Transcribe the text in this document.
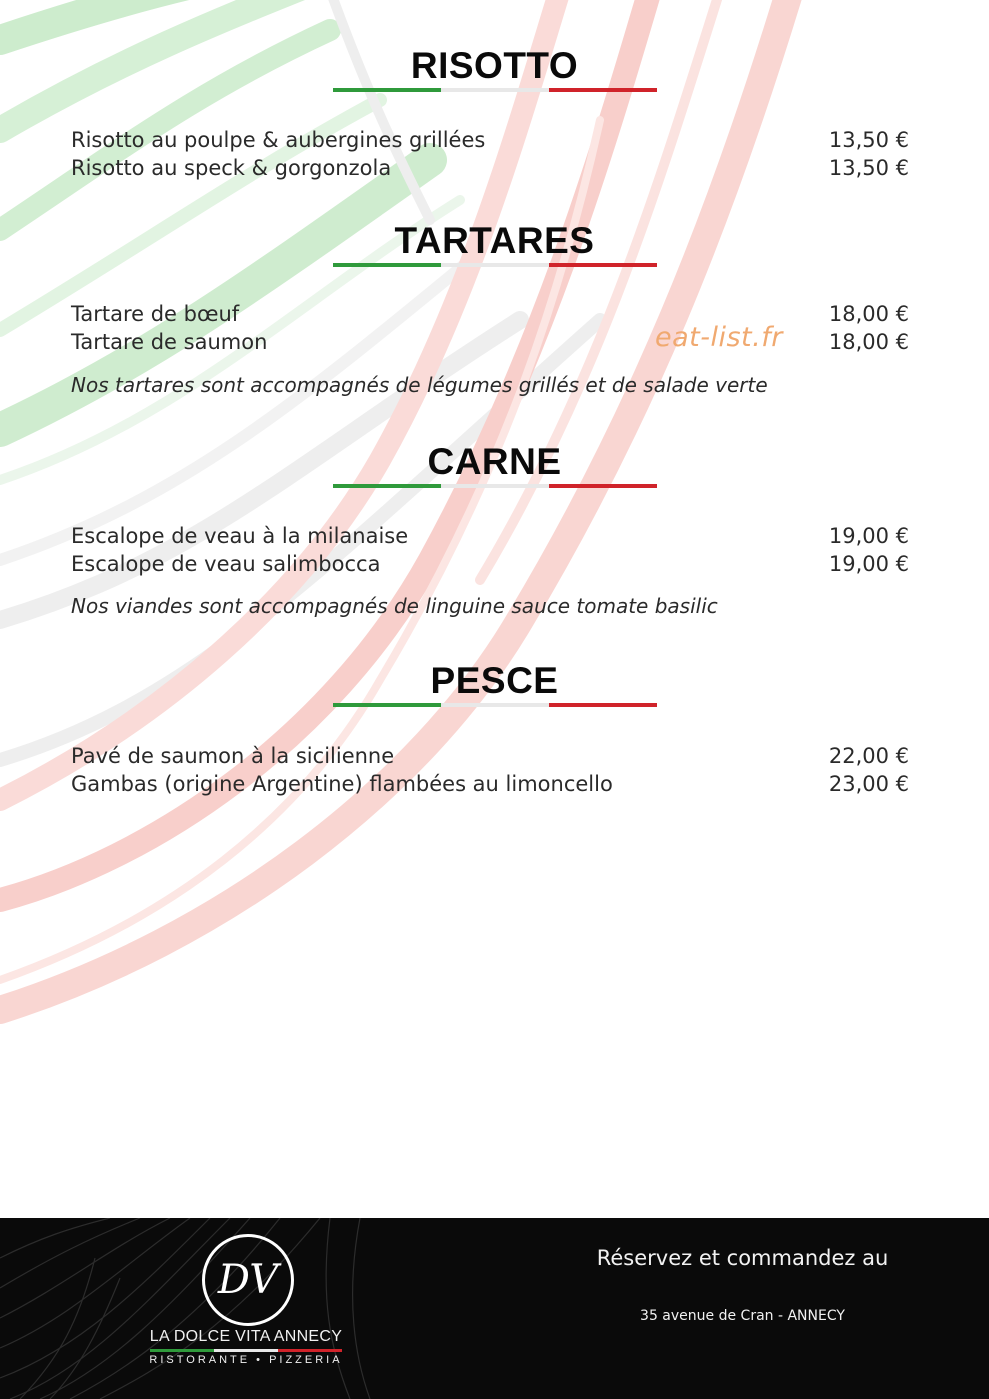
RISOTTO
Risotto au poulpe & aubergines grillées	13,50 €
Risotto au speck & gorgonzola	13,50 €
TARTARES
Tartare de bœuf	18,00 €
Tartare de saumon	18,00 €
Nos tartares sont accompagnés de légumes grillés et de salade verte
CARNE
Escalope de veau à la milanaise	19,00 €
Escalope de veau salimbocca	19,00 €
Nos viandes sont accompagnés de linguine sauce tomate basilic
PESCE
Pavé de saumon à la sicilienne	22,00 €
Gambas (origine Argentine) flambées au limoncello	23,00 €
eat-list.fr
DV
LA DOLCE VITA ANNECY
RISTORANTE • PIZZERIA
Réservez et commandez au
35 avenue de Cran - ANNECY
